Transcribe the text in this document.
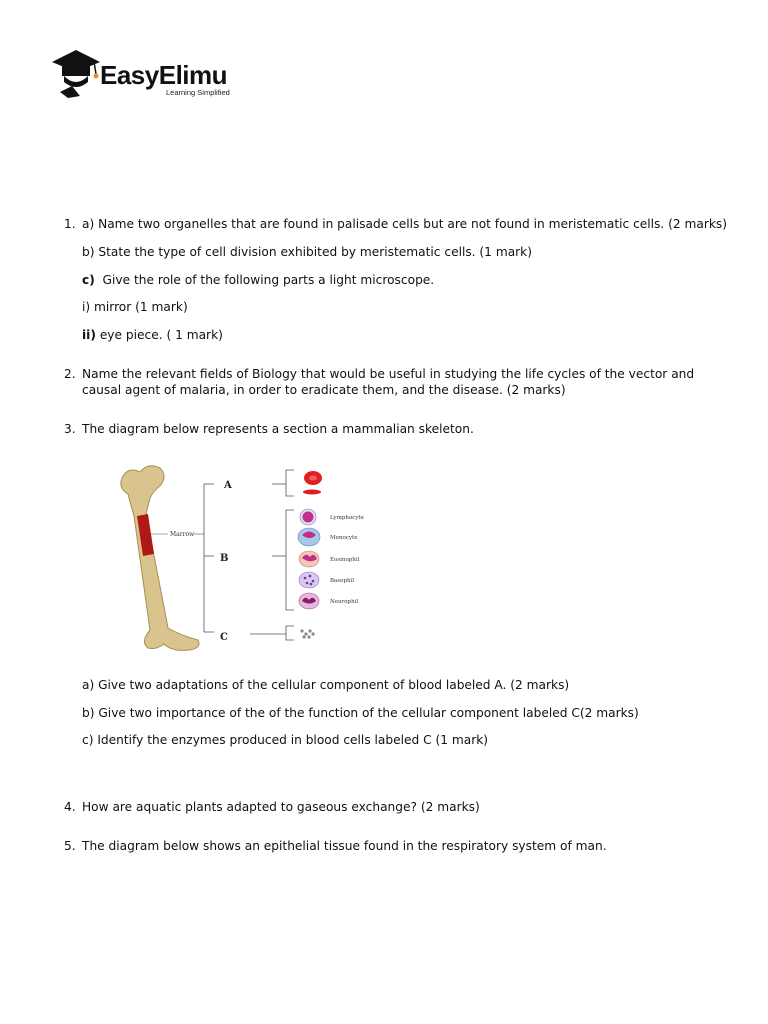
EasyElimu
Learning Simplified
1. a) Name two organelles that are found in palisade cells but are not found in meristematic cells. (2 marks)
b) State the type of cell division exhibited by meristematic cells. (1 mark)
c) Give the role of the following parts a light microscope.
i) mirror (1 mark)
ii) eye piece. ( 1 mark)
2. Name the relevant fields of Biology that would be useful in studying the life cycles of the vector and causal agent of malaria, in order to eradicate them, and the disease. (2 marks)
3. The diagram below represents a section a mammalian skeleton.
Marrow
A
B
C
Lymphocyte
Monocyte
Eosinophil
Basophil
Neurophil
a) Give two adaptations of the cellular component of blood labeled A. (2 marks)
b) Give two importance of the of the function of the cellular component labeled C(2 marks)
c) Identify the enzymes produced in blood cells labeled C (1 mark)
4. How are aquatic plants adapted to gaseous exchange? (2 marks)
5. The diagram below shows an epithelial tissue found in the respiratory system of man.
